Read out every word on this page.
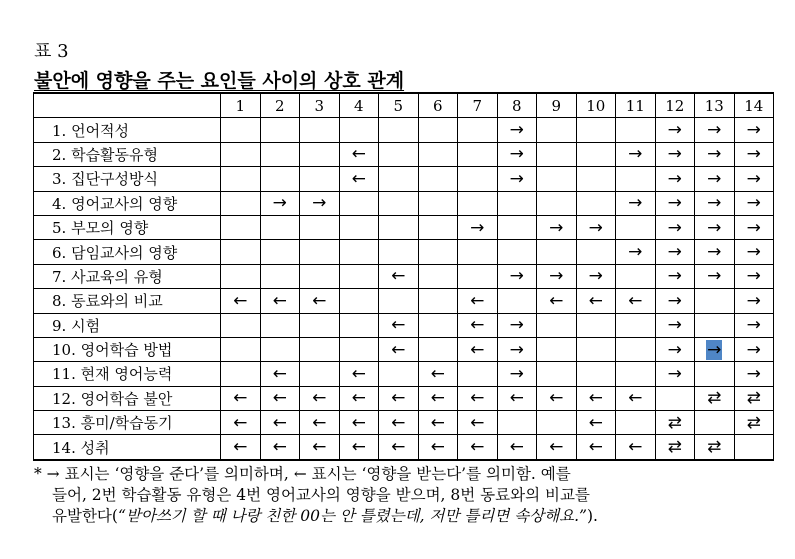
표 3
불안에 영향을 주는 요인들 사이의 상호 관계
	1	2	3	4	5	6	7	8	9	10	11	12	13	14
1. 언어적성								→				→	→	→
2. 학습활동유형				←				→			→	→	→	→
3. 집단구성방식				←				→				→	→	→
4. 영어교사의 영향		→	→								→	→	→	→
5. 부모의 영향							→		→	→		→	→	→
6. 담임교사의 영향											→	→	→	→
7. 사교육의 유형					←			→	→	→		→	→	→
8. 동료와의 비교	←	←	←				←		←	←	←	→		→
9. 시험					←		←	→				→		→
10. 영어학습 방법					←		←	→				→	→	→
11. 현재 영어능력		←		←		←		→				→		→
12. 영어학습 불안	←	←	←	←	←	←	←	←	←	←	←		⇄	⇄
13. 흥미/학습동기	←	←	←	←	←	←	←			←		⇄		⇄
14. 성취	←	←	←	←	←	←	←	←	←	←	←	⇄	⇄	

* → 표시는 ‘영향을 준다’를 의미하며, ← 표시는 ‘영향을 받는다’를 의미함. 예를

들어, 2번 학습활동 유형은 4번 영어교사의 영향을 받으며, 8번 동료와의 비교를

유발한다(“받아쓰기 할 때 나랑 친한 00는 안 틀렸는데, 저만 틀리면 속상해요.”).
